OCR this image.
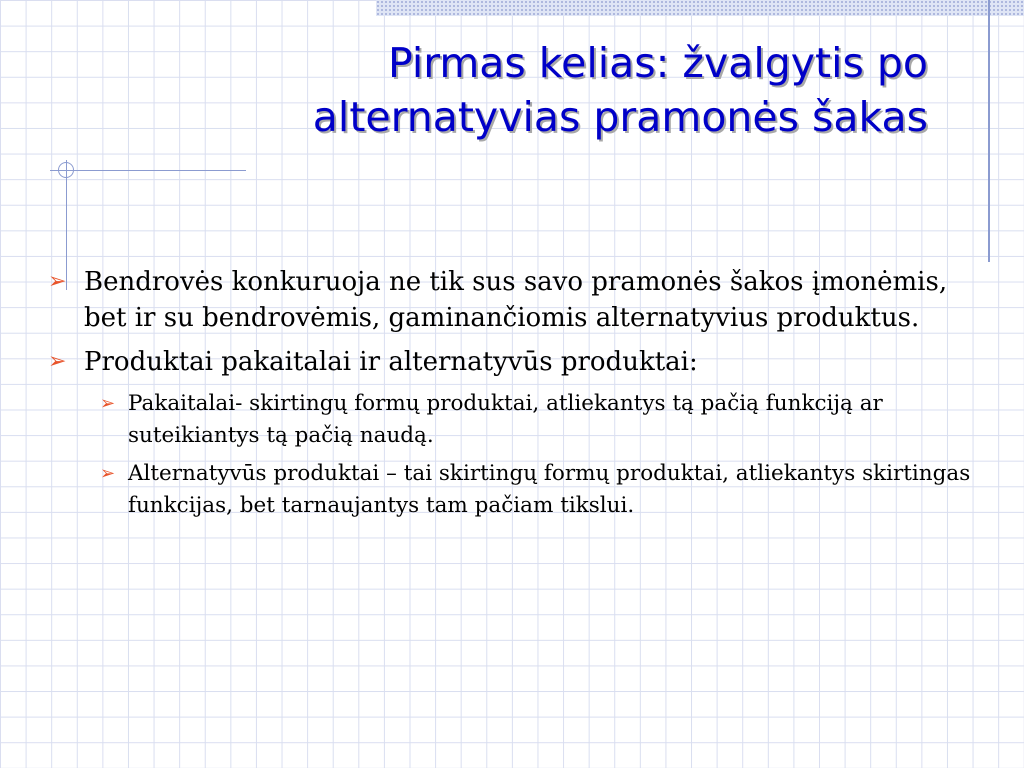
Pirmas kelias: žvalgytis po
alternatyvias pramonės šakas
➢ Bendrovės konkuruoja ne tik sus savo pramonės šakos įmonėmis, bet ir su bendrovėmis, gaminančiomis alternatyvius produktus.
➢ Produktai pakaitalai ir alternatyvūs produktai:
➢ Pakaitalai- skirtingų formų produktai, atliekantys tą pačią funkciją ar suteikiantys tą pačią naudą.
➢ Alternatyvūs produktai – tai skirtingų formų produktai, atliekantys skirtingas funkcijas, bet tarnaujantys tam pačiam tikslui.
